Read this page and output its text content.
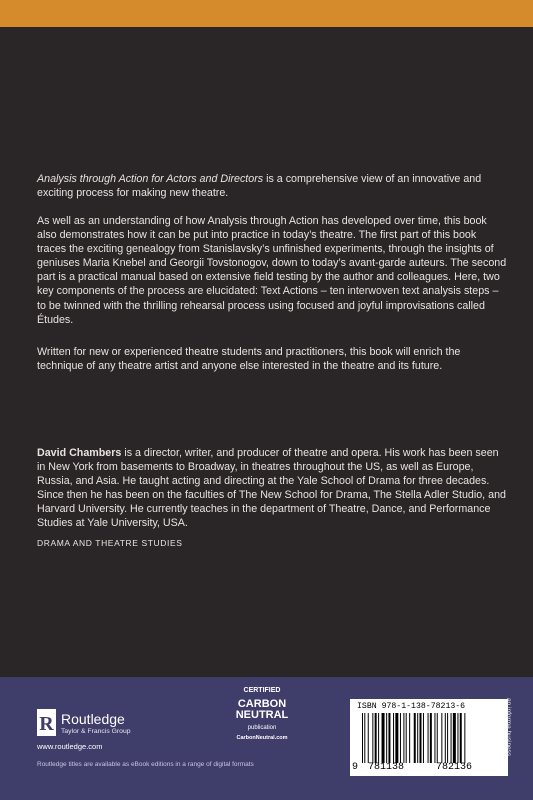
Analysis through Action for Actors and Directors is a comprehensive view of an innovative and exciting process for making new theatre.
As well as an understanding of how Analysis through Action has developed over time, this book also demonstrates how it can be put into practice in today’s theatre. The first part of this book traces the exciting genealogy from Stanislavsky’s unfinished experiments, through the insights of geniuses Maria Knebel and Georgii Tovstonogov, down to today’s avant-garde auteurs. The second part is a practical manual based on extensive field testing by the author and colleagues. Here, two key components of the process are elucidated: Text Actions – ten interwoven text analysis steps – to be twinned with the thrilling rehearsal process using focused and joyful improvisations called Études.
Written for new or experienced theatre students and practitioners, this book will enrich the technique of any theatre artist and anyone else interested in the theatre and its future.
David Chambers is a director, writer, and producer of theatre and opera. His work has been seen in New York from basements to Broadway, in theatres throughout the US, as well as Europe, Russia, and Asia. He taught acting and directing at the Yale School of Drama for three decades. Since then he has been on the faculties of The New School for Drama, The Stella Adler Studio, and Harvard University. He currently teaches in the department of Theatre, Dance, and Performance Studies at Yale University, USA.
DRAMA AND THEATRE STUDIES
R Routledge
Taylor & Francis Group
www.routledge.com
Routledge titles are available as eBook editions in a range of digital formats
CERTIFIED
CARBON
NEUTRAL
publication
CarbonNeutral.com
ISBN 978-1-138-78213-6
9 781138	782136
an informa business
